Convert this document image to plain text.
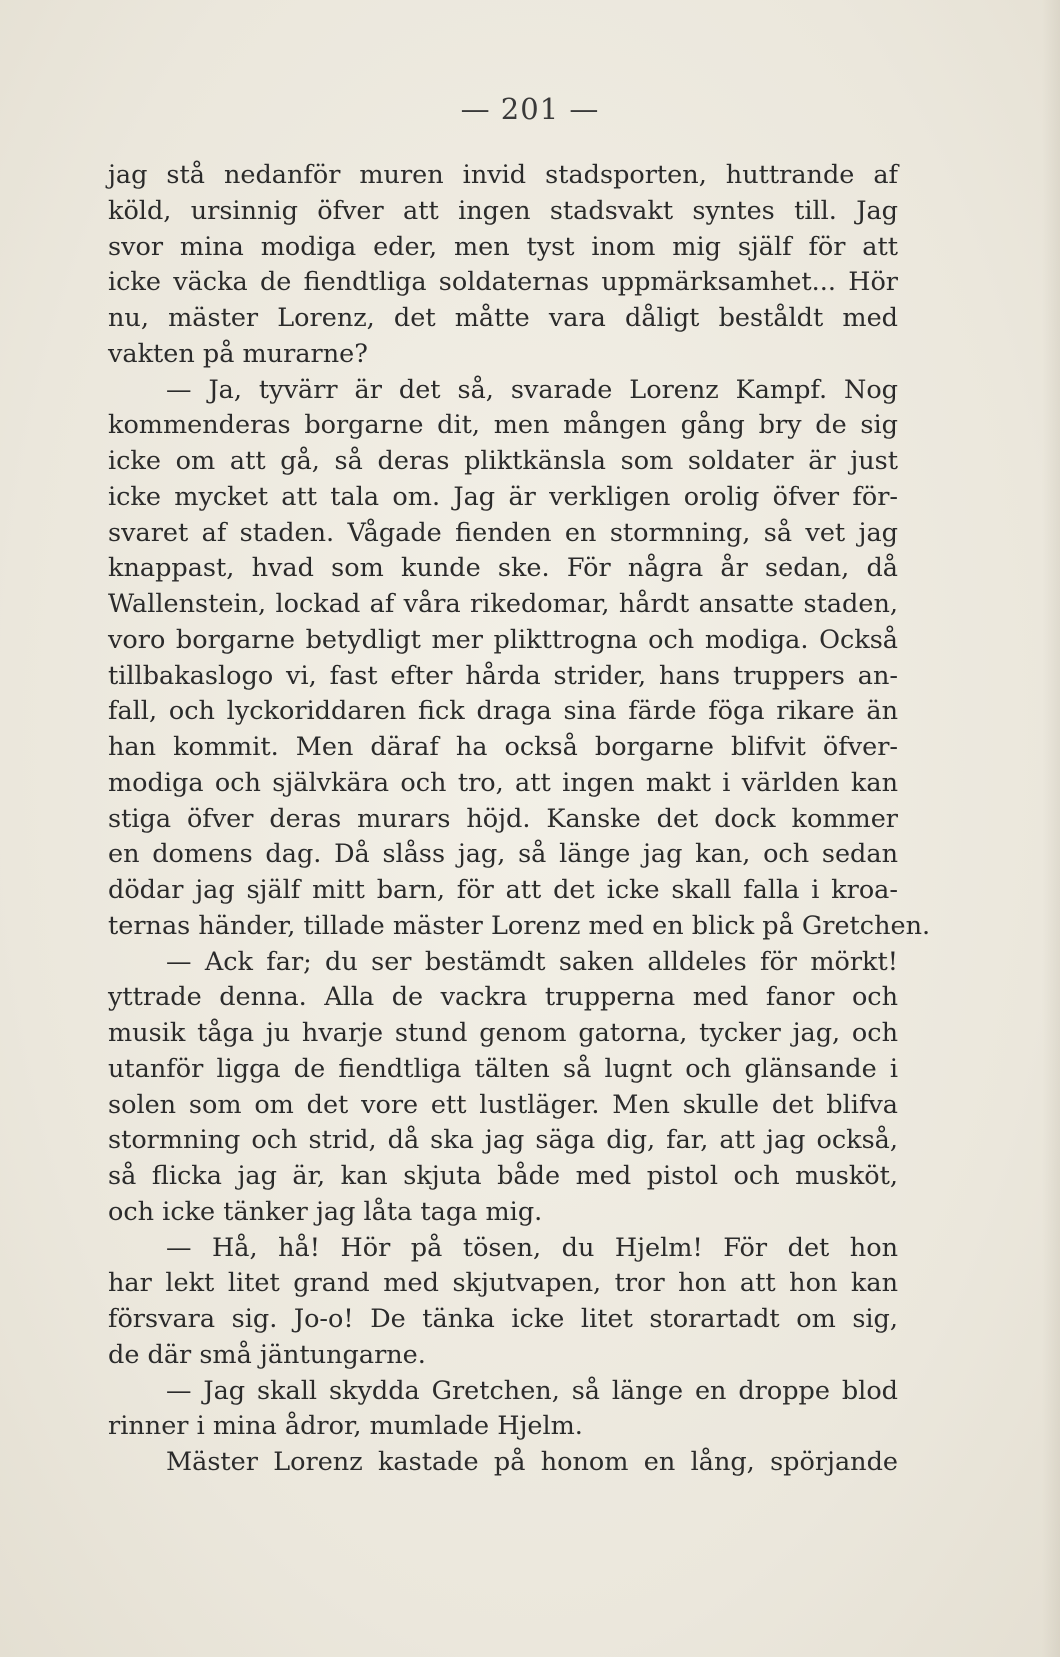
— 201 —
jag stå nedanför muren invid stadsporten, huttrande af
köld, ursinnig öfver att ingen stadsvakt syntes till. Jag
svor mina modiga eder, men tyst inom mig själf för att
icke väcka de fiendtliga soldaternas uppmärksamhet... Hör
nu, mäster Lorenz, det måtte vara dåligt beståldt med
vakten på murarne?
— Ja, tyvärr är det så, svarade Lorenz Kampf. Nog
kommenderas borgarne dit, men mången gång bry de sig
icke om att gå, så deras pliktkänsla som soldater är just
icke mycket att tala om. Jag är verkligen orolig öfver för-
svaret af staden. Vågade fienden en stormning, så vet jag
knappast, hvad som kunde ske. För några år sedan, då
Wallenstein, lockad af våra rikedomar, hårdt ansatte staden,
voro borgarne betydligt mer plikttrogna och modiga. Också
tillbakaslogo vi, fast efter hårda strider, hans truppers an-
fall, och lyckoriddaren fick draga sina färde föga rikare än
han kommit. Men däraf ha också borgarne blifvit öfver-
modiga och självkära och tro, att ingen makt i världen kan
stiga öfver deras murars höjd. Kanske det dock kommer
en domens dag. Då slåss jag, så länge jag kan, och sedan
dödar jag själf mitt barn, för att det icke skall falla i kroa-
ternas händer, tillade mäster Lorenz med en blick på Gretchen.
— Ack far; du ser bestämdt saken alldeles för mörkt!
yttrade denna. Alla de vackra trupperna med fanor och
musik tåga ju hvarje stund genom gatorna, tycker jag, och
utanför ligga de fiendtliga tälten så lugnt och glänsande i
solen som om det vore ett lustläger. Men skulle det blifva
stormning och strid, då ska jag säga dig, far, att jag också,
så flicka jag är, kan skjuta både med pistol och musköt,
och icke tänker jag låta taga mig.
— Hå, hå! Hör på tösen, du Hjelm! För det hon
har lekt litet grand med skjutvapen, tror hon att hon kan
försvara sig. Jo-o! De tänka icke litet storartadt om sig,
de där små jäntungarne.
— Jag skall skydda Gretchen, så länge en droppe blod
rinner i mina ådror, mumlade Hjelm.
Mäster Lorenz kastade på honom en lång, spörjande
